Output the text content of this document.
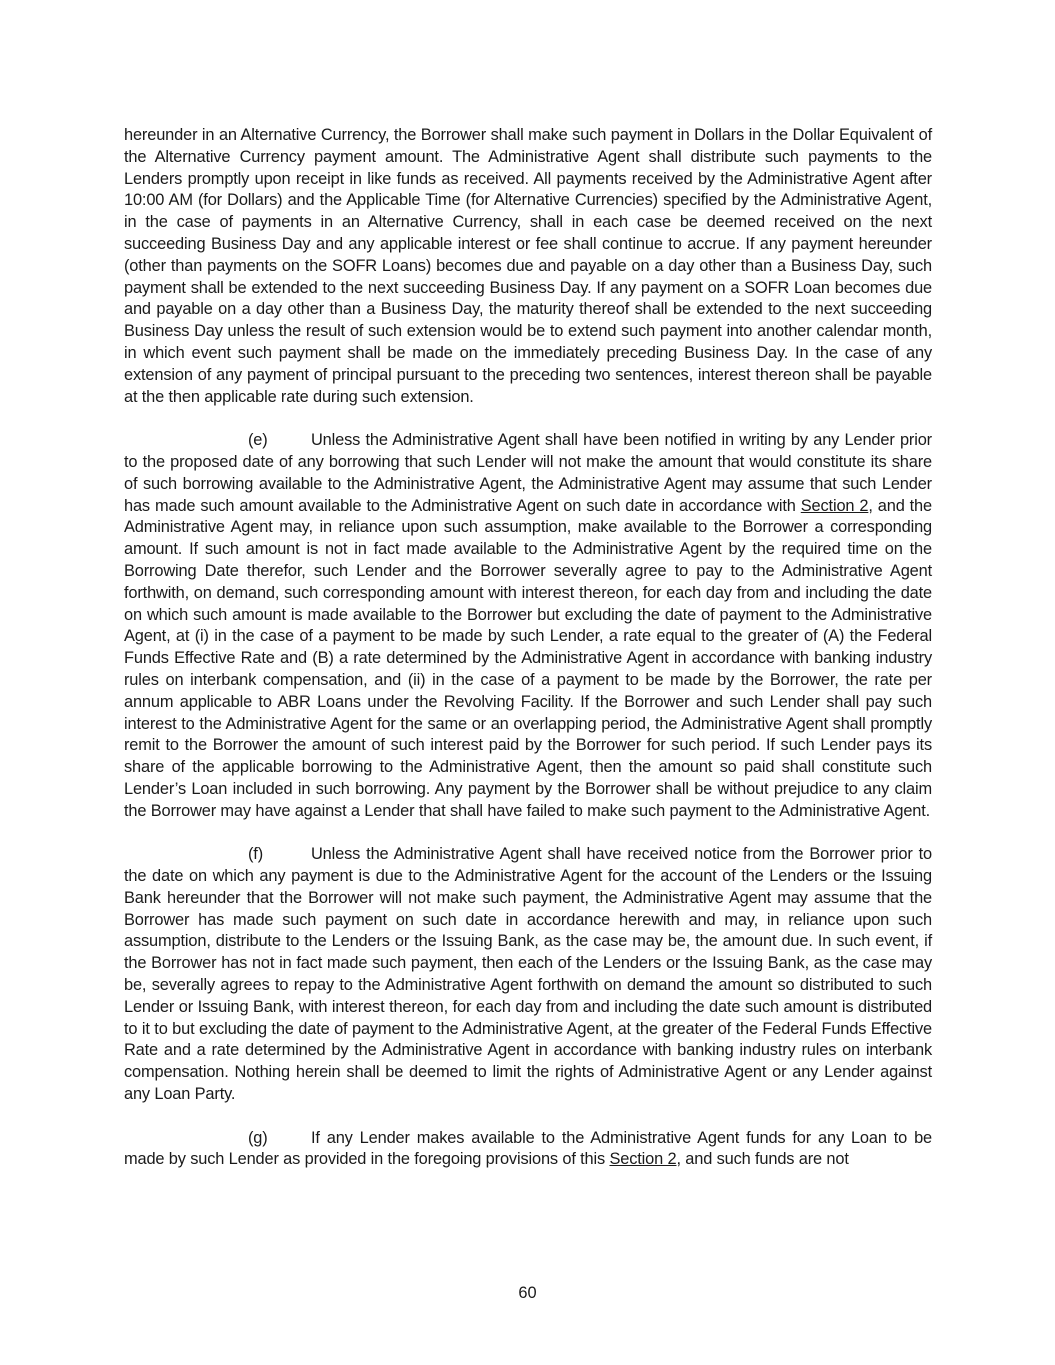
hereunder in an Alternative Currency, the Borrower shall make such payment in Dollars in the Dollar Equivalent of the Alternative Currency payment amount. The Administrative Agent shall distribute such payments to the Lenders promptly upon receipt in like funds as received. All payments received by the Administrative Agent after 10:00 AM (for Dollars) and the Applicable Time (for Alternative Currencies) specified by the Administrative Agent, in the case of payments in an Alternative Currency, shall in each case be deemed received on the next succeeding Business Day and any applicable interest or fee shall continue to accrue. If any payment hereunder (other than payments on the SOFR Loans) becomes due and payable on a day other than a Business Day, such payment shall be extended to the next succeeding Business Day. If any payment on a SOFR Loan becomes due and payable on a day other than a Business Day, the maturity thereof shall be extended to the next succeeding Business Day unless the result of such extension would be to extend such payment into another calendar month, in which event such payment shall be made on the immediately preceding Business Day. In the case of any extension of any payment of principal pursuant to the preceding two sentences, interest thereon shall be payable at the then applicable rate during such extension.

(e)	Unless the Administrative Agent shall have been notified in writing by any Lender prior to the proposed date of any borrowing that such Lender will not make the amount that would constitute its share of such borrowing available to the Administrative Agent, the Administrative Agent may assume that such Lender has made such amount available to the Administrative Agent on such date in accordance with Section 2, and the Administrative Agent may, in reliance upon such assumption, make available to the Borrower a corresponding amount. If such amount is not in fact made available to the Administrative Agent by the required time on the Borrowing Date therefor, such Lender and the Borrower severally agree to pay to the Administrative Agent forthwith, on demand, such corresponding amount with interest thereon, for each day from and including the date on which such amount is made available to the Borrower but excluding the date of payment to the Administrative Agent, at (i) in the case of a payment to be made by such Lender, a rate equal to the greater of (A) the Federal Funds Effective Rate and (B) a rate determined by the Administrative Agent in accordance with banking industry rules on interbank compensation, and (ii) in the case of a payment to be made by the Borrower, the rate per annum applicable to ABR Loans under the Revolving Facility. If the Borrower and such Lender shall pay such interest to the Administrative Agent for the same or an overlapping period, the Administrative Agent shall promptly remit to the Borrower the amount of such interest paid by the Borrower for such period. If such Lender pays its share of the applicable borrowing to the Administrative Agent, then the amount so paid shall constitute such Lender’s Loan included in such borrowing. Any payment by the Borrower shall be without prejudice to any claim the Borrower may have against a Lender that shall have failed to make such payment to the Administrative Agent.

(f)	Unless the Administrative Agent shall have received notice from the Borrower prior to the date on which any payment is due to the Administrative Agent for the account of the Lenders or the Issuing Bank hereunder that the Borrower will not make such payment, the Administrative Agent may assume that the Borrower has made such payment on such date in accordance herewith and may, in reliance upon such assumption, distribute to the Lenders or the Issuing Bank, as the case may be, the amount due. In such event, if the Borrower has not in fact made such payment, then each of the Lenders or the Issuing Bank, as the case may be, severally agrees to repay to the Administrative Agent forthwith on demand the amount so distributed to such Lender or Issuing Bank, with interest thereon, for each day from and including the date such amount is distributed to it to but excluding the date of payment to the Administrative Agent, at the greater of the Federal Funds Effective Rate and a rate determined by the Administrative Agent in accordance with banking industry rules on interbank compensation. Nothing herein shall be deemed to limit the rights of Administrative Agent or any Lender against any Loan Party.

(g)	If any Lender makes available to the Administrative Agent funds for any Loan to be made by such Lender as provided in the foregoing provisions of this Section 2, and such funds are not

60
